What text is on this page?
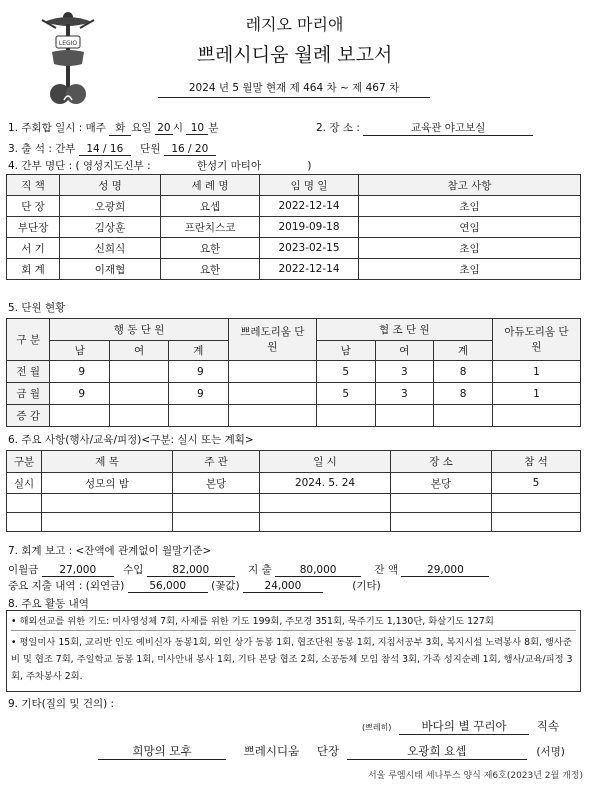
LEGIO
레지오 마리애
쁘레시디움 월례 보고서
2024 년 5 월말 현재 제 464 차 ~ 제 467 차
1. 주회합 일시 : 매주 화 요일 20 시 10 분	2. 장 소 :	교육관 야고보실
3. 출 석 : 간부 14 / 16 단원 16 / 20
4. 간부 명단 : ( 영성지도신부 :	한성기 마티아	)
직 책	성 명	세 례 명	임 명 일	참고 사항
단 장	오광희	요셉	2022-12-14	초임
부단장	김상훈	프란치스코	2019-09-18	연임
서 기	신희식	요한	2023-02-15	초임
회 계	이재협	요한	2022-12-14	초임
5. 단원 현황
구 분	행 동 단 원			쁘레도리움 단 원	협 조 단 원			아듀도리움 단 원
	남	여	계		남	여	계	
전 월	9		9		5	3	8	1
금 월	9		9		5	3	8	1
증 감								
6. 주요 사항(행사/교육/피정)<구분: 실시 또는 계획>
구분	제 목	주 관	일 시	장 소	참 석
실시	성모의 밤	본당	2024. 5. 24	본당	5

7. 회계 보고 : <잔액에 관계없이 월말기준>
이월금 27,000	수입	82,000	지 출	80,000	잔 액	29,000
중요 지출 내역 : (외연금) 56,000 (꽃값) 24,000	(기타)
8. 주요 활동 내역
• 해외선교를 위한 기도: 미사영성체 7회, 사제를 위한 기도 199회, 주모경 351회, 묵주기도 1,130단, 화살기도 127회
• 평일미사 15회, 교리반 인도 예비신자 동봉1회, 외인 상가 동봉 1회, 협조단원 동봉 1회, 지침서공부 3회, 복지시설 노력봉사 8회, 행사준비 및 협조 7회, 주일학교 동봉 1회, 미사안내 봉사 1회, 기타 본당 협조 2회, 소공동체 모임 참석 3회, 가족 성지순례 1회, 행사/교육/피정 3회, 주차봉사 2회.
9. 기타(질의 및 건의) :
(쁘레히)	바다의 별 꾸리아	직속
희망의 모후	쁘레시디움 단장	오광희 요셉	(서명)
서울 루엠시태 세나투스 양식 제6호(2023년 2월 개정)
